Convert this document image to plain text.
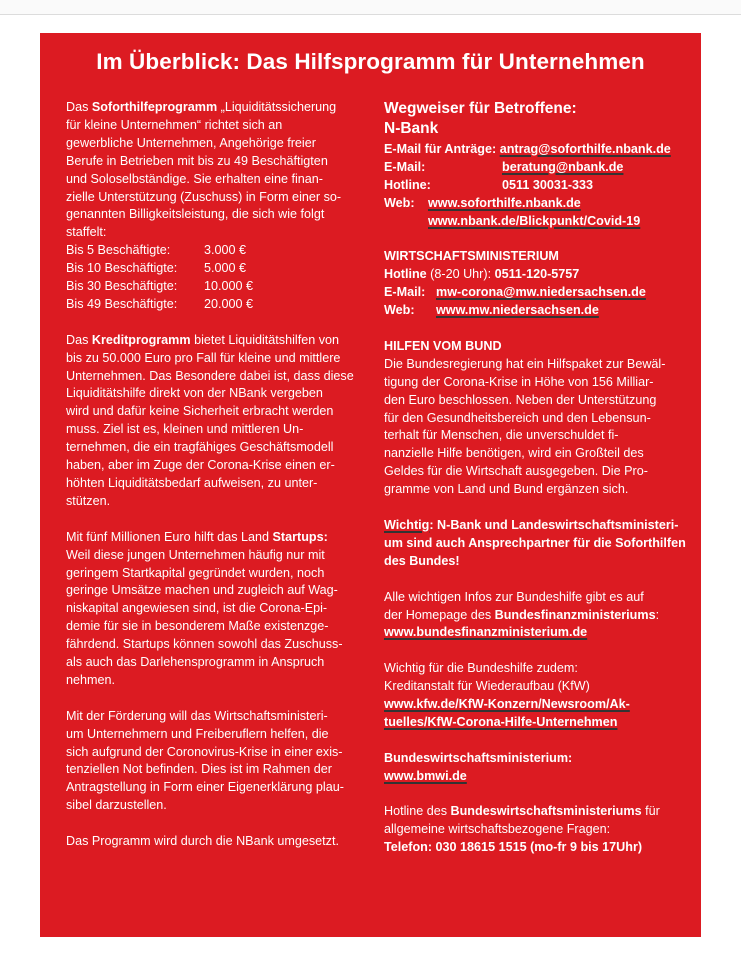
Im Überblick: Das Hilfsprogramm für Unternehmen

Das Soforthilfeprogramm „Liquiditätssicherung
für kleine Unternehmen“ richtet sich an
gewerbliche Unternehmen, Angehörige freier
Berufe in Betrieben mit bis zu 49 Beschäftigten
und Soloselbständige. Sie erhalten eine finan-
zielle Unterstützung (Zuschuss) in Form einer so-
genannten Billigkeitsleistung, die sich wie folgt
staffelt:

Bis 5 Beschäftigte:	3.000 €
Bis 10 Beschäftigte:	5.000 €
Bis 30 Beschäftigte:	10.000 €
Bis 49 Beschäftigte:	20.000 €

Das Kreditprogramm bietet Liquiditätshilfen von
bis zu 50.000 Euro pro Fall für kleine und mittlere
Unternehmen. Das Besondere dabei ist, dass diese
Liquiditätshilfe direkt von der NBank vergeben
wird und dafür keine Sicherheit erbracht werden
muss. Ziel ist es, kleinen und mittleren Un-
ternehmen, die ein tragfähiges Geschäftsmodell
haben, aber im Zuge der Corona-Krise einen er-
höhten Liquiditätsbedarf aufweisen, zu unter-
stützen.

Mit fünf Millionen Euro hilft das Land Startups:
Weil diese jungen Unternehmen häufig nur mit
geringem Startkapital gegründet wurden, noch
geringe Umsätze machen und zugleich auf Wag-
niskapital angewiesen sind, ist die Corona-Epi-
demie für sie in besonderem Maße existenzge-
fährdend. Startups können sowohl das Zuschuss-
als auch das Darlehensprogramm in Anspruch
nehmen.

Mit der Förderung will das Wirtschaftsministeri-
um Unternehmern und Freiberuflern helfen, die
sich aufgrund der Coronovirus-Krise in einer exis-
tenziellen Not befinden. Dies ist im Rahmen der
Antragstellung in Form einer Eigenerklärung plau-
sibel darzustellen.

Das Programm wird durch die NBank umgesetzt.

Wegweiser für Betroffene:
N-Bank
E-Mail für Anträge: antrag@soforthilfe.nbank.de
E-Mail:	beratung@nbank.de
Hotline:	0511 30031-333
Web: www.soforthilfe.nbank.de
www.nbank.de/Blickpunkt/Covid-19
WIRTSCHAFTSMINISTERIUM
Hotline (8-20 Uhr): 0511-120-5757
E-Mail: mw-corona@mw.niedersachsen.de
Web: www.mw.niedersachsen.de
HILFEN VOM BUND

Die Bundesregierung hat ein Hilfspaket zur Bewäl-
tigung der Corona-Krise in Höhe von 156 Milliar-
den Euro beschlossen. Neben der Unterstützung
für den Gesundheitsbereich und den Lebensun-
terhalt für Menschen, die unverschuldet fi-
nanzielle Hilfe benötigen, wird ein Großteil des
Geldes für die Wirtschaft ausgegeben. Die Pro-
gramme von Land und Bund ergänzen sich.

Wichtig: N-Bank und Landeswirtschaftsministeri-
um sind auch Ansprechpartner für die Soforthilfen
des Bundes!

Alle wichtigen Infos zur Bundeshilfe gibt es auf
der Homepage des Bundesfinanzministeriums:
www.bundesfinanzministerium.de

Wichtig für die Bundeshilfe zudem:
Kreditanstalt für Wiederaufbau (KfW)
www.kfw.de/KfW-Konzern/Newsroom/Ak-
tuelles/KfW-Corona-Hilfe-Unternehmen

Bundeswirtschaftsministerium:
www.bmwi.de

Hotline des Bundeswirtschaftsministeriums für
allgemeine wirtschaftsbezogene Fragen:
Telefon: 030 18615 1515 (mo-fr 9 bis 17Uhr)
